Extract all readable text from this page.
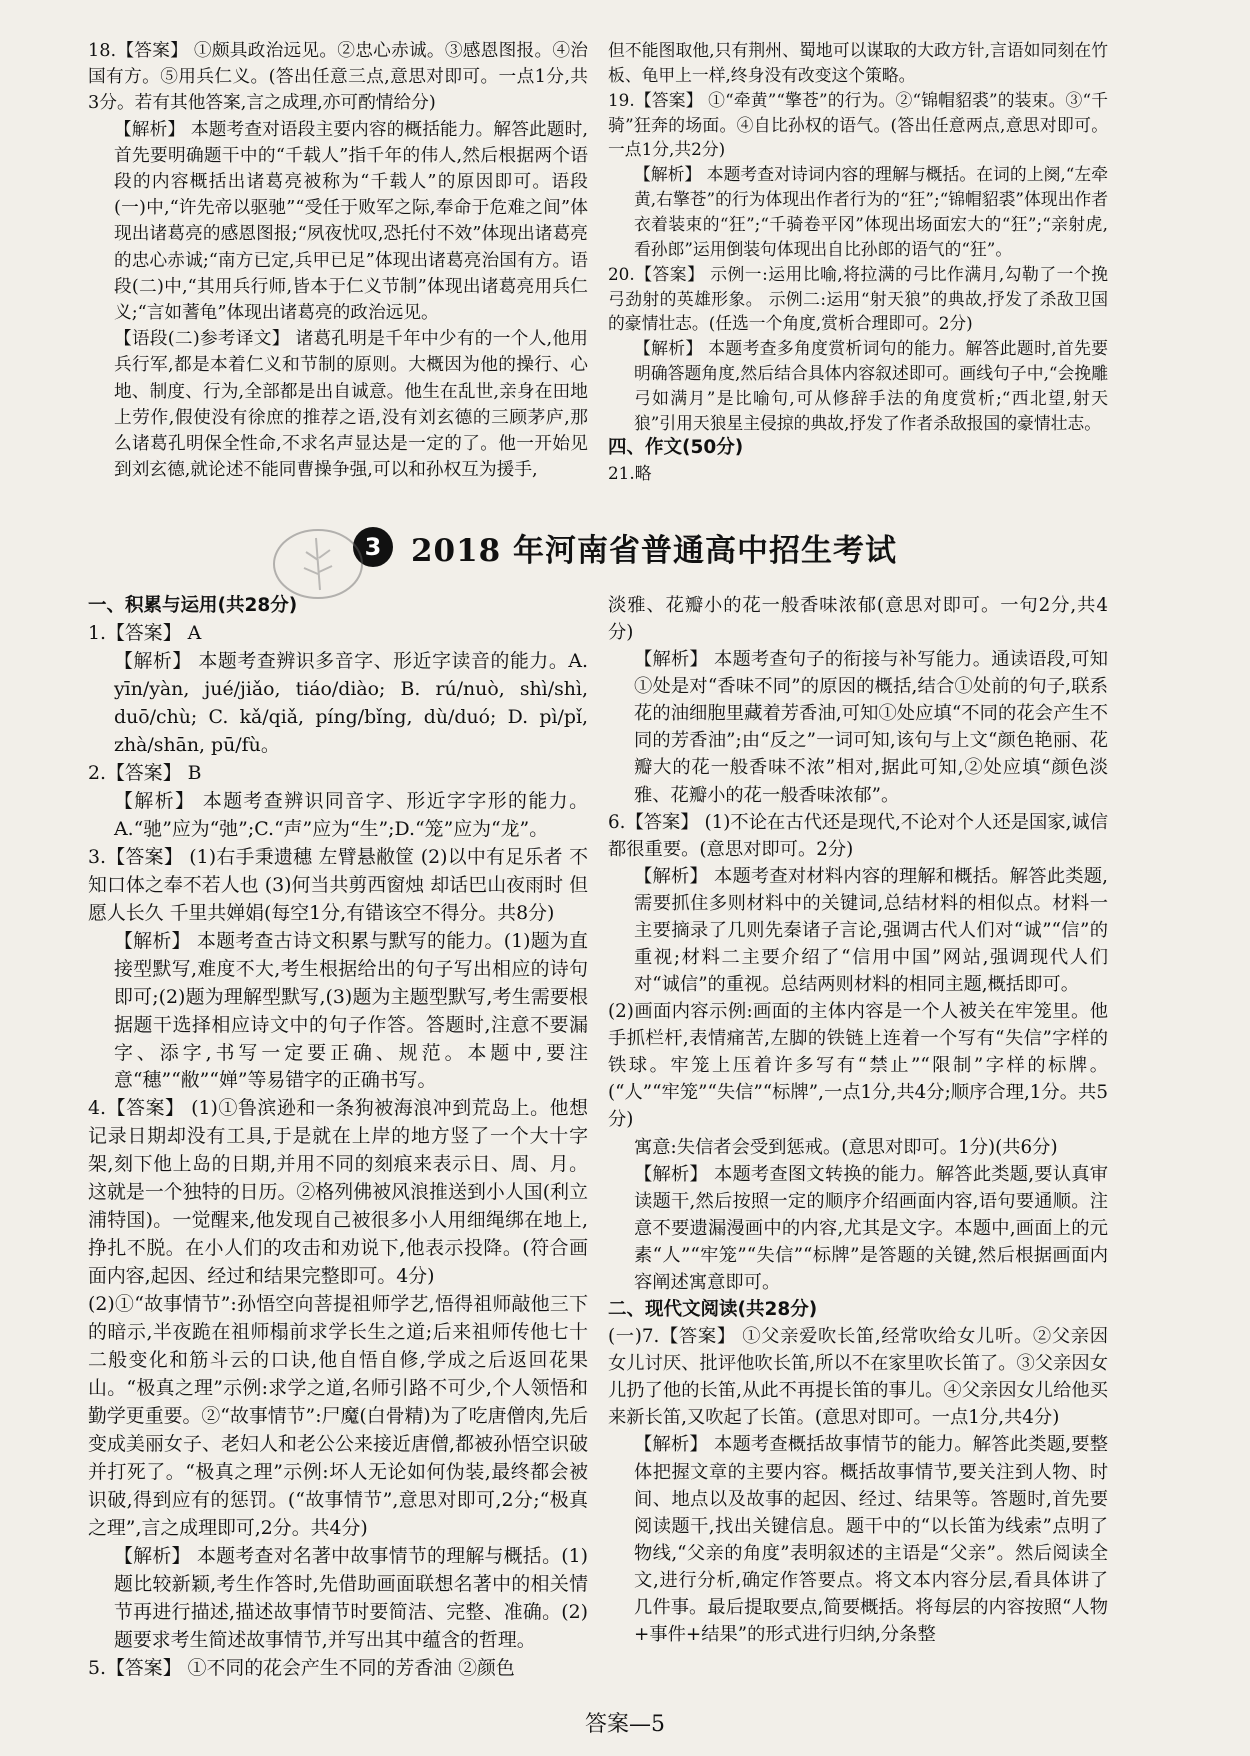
18.【答案】 ①颇具政治远见。②忠心赤诚。③感恩图报。④治国有方。⑤用兵仁义。(答出任意三点,意思对即可。一点1分,共3分。若有其他答案,言之成理,亦可酌情给分)

【解析】 本题考查对语段主要内容的概括能力。解答此题时,首先要明确题干中的“千载人”指千年的伟人,然后根据两个语段的内容概括出诸葛亮被称为“千载人”的原因即可。语段(一)中,“许先帝以驱驰”“受任于败军之际,奉命于危难之间”体现出诸葛亮的感恩图报;“夙夜忧叹,恐托付不效”体现出诸葛亮的忠心赤诚;“南方已定,兵甲已足”体现出诸葛亮治国有方。语段(二)中,“其用兵行师,皆本于仁义节制”体现出诸葛亮用兵仁义;“言如蓍龟”体现出诸葛亮的政治远见。

【语段(二)参考译文】 诸葛孔明是千年中少有的一个人,他用兵行军,都是本着仁义和节制的原则。大概因为他的操行、心地、制度、行为,全部都是出自诚意。他生在乱世,亲身在田地上劳作,假使没有徐庶的推荐之语,没有刘玄德的三顾茅庐,那么诸葛孔明保全性命,不求名声显达是一定的了。他一开始见到刘玄德,就论述不能同曹操争强,可以和孙权互为援手,

但不能图取他,只有荆州、蜀地可以谋取的大政方针,言语如同刻在竹板、龟甲上一样,终身没有改变这个策略。

19.【答案】 ①“牵黄”“擎苍”的行为。②“锦帽貂裘”的装束。③“千骑”狂奔的场面。④自比孙权的语气。(答出任意两点,意思对即可。一点1分,共2分)

【解析】 本题考查对诗词内容的理解与概括。在词的上阕,“左牵黄,右擎苍”的行为体现出作者行为的“狂”;“锦帽貂裘”体现出作者衣着装束的“狂”;“千骑卷平冈”体现出场面宏大的“狂”;“亲射虎,看孙郎”运用倒装句体现出自比孙郎的语气的“狂”。

20.【答案】 示例一:运用比喻,将拉满的弓比作满月,勾勒了一个挽弓劲射的英雄形象。 示例二:运用“射天狼”的典故,抒发了杀敌卫国的豪情壮志。(任选一个角度,赏析合理即可。2分)

【解析】 本题考查多角度赏析词句的能力。解答此题时,首先要明确答题角度,然后结合具体内容叙述即可。画线句子中,“会挽雕弓如满月”是比喻句,可从修辞手法的角度赏析;“西北望,射天狼”引用天狼星主侵掠的典故,抒发了作者杀敌报国的豪情壮志。

四、作文(50分)

21.略

3 2018 年河南省普通高中招生考试

一、积累与运用(共28分)

1.【答案】 A

【解析】 本题考查辨识多音字、形近字读音的能力。A. yīn/yàn, jué/jiǎo, tiáo/diào; B. rú/nuò, shì/shì, duō/chù; C. kǎ/qiǎ, píng/bǐng, dù/duó; D. pì/pǐ, zhà/shān, pū/fù。

2.【答案】 B

【解析】 本题考查辨识同音字、形近字字形的能力。A.“驰”应为“弛”;C.“声”应为“生”;D.“笼”应为“龙”。

3.【答案】 (1)右手秉遗穗 左臂悬敝筐 (2)以中有足乐者 不知口体之奉不若人也 (3)何当共剪西窗烛 却话巴山夜雨时 但愿人长久 千里共婵娟(每空1分,有错该空不得分。共8分)

【解析】 本题考查古诗文积累与默写的能力。(1)题为直接型默写,难度不大,考生根据给出的句子写出相应的诗句即可;(2)题为理解型默写,(3)题为主题型默写,考生需要根据题干选择相应诗文中的句子作答。答题时,注意不要漏字、添字,书写一定要正确、规范。本题中,要注意“穗”“敝”“婵”等易错字的正确书写。

4.【答案】 (1)①鲁滨逊和一条狗被海浪冲到荒岛上。他想记录日期却没有工具,于是就在上岸的地方竖了一个大十字架,刻下他上岛的日期,并用不同的刻痕来表示日、周、月。这就是一个独特的日历。②格列佛被风浪推送到小人国(利立浦特国)。一觉醒来,他发现自己被很多小人用细绳绑在地上,挣扎不脱。在小人们的攻击和劝说下,他表示投降。(符合画面内容,起因、经过和结果完整即可。4分)

(2)①“故事情节”:孙悟空向菩提祖师学艺,悟得祖师敲他三下的暗示,半夜跪在祖师榻前求学长生之道;后来祖师传他七十二般变化和筋斗云的口诀,他自悟自修,学成之后返回花果山。“极真之理”示例:求学之道,名师引路不可少,个人领悟和勤学更重要。②“故事情节”:尸魔(白骨精)为了吃唐僧肉,先后变成美丽女子、老妇人和老公公来接近唐僧,都被孙悟空识破并打死了。“极真之理”示例:坏人无论如何伪装,最终都会被识破,得到应有的惩罚。(“故事情节”,意思对即可,2分;“极真之理”,言之成理即可,2分。共4分)

【解析】 本题考查对名著中故事情节的理解与概括。(1)题比较新颖,考生作答时,先借助画面联想名著中的相关情节再进行描述,描述故事情节时要简洁、完整、准确。(2)题要求考生简述故事情节,并写出其中蕴含的哲理。

5.【答案】 ①不同的花会产生不同的芳香油 ②颜色

淡雅、花瓣小的花一般香味浓郁(意思对即可。一句2分,共4分)

【解析】 本题考查句子的衔接与补写能力。通读语段,可知①处是对“香味不同”的原因的概括,结合①处前的句子,联系花的油细胞里藏着芳香油,可知①处应填“不同的花会产生不同的芳香油”;由“反之”一词可知,该句与上文“颜色艳丽、花瓣大的花一般香味不浓”相对,据此可知,②处应填“颜色淡雅、花瓣小的花一般香味浓郁”。

6.【答案】 (1)不论在古代还是现代,不论对个人还是国家,诚信都很重要。(意思对即可。2分)

【解析】 本题考查对材料内容的理解和概括。解答此类题,需要抓住多则材料中的关键词,总结材料的相似点。材料一主要摘录了几则先秦诸子言论,强调古代人们对“诚”“信”的重视;材料二主要介绍了“信用中国”网站,强调现代人们对“诚信”的重视。总结两则材料的相同主题,概括即可。

(2)画面内容示例:画面的主体内容是一个人被关在牢笼里。他手抓栏杆,表情痛苦,左脚的铁链上连着一个写有“失信”字样的铁球。牢笼上压着许多写有“禁止”“限制”字样的标牌。(“人”“牢笼”“失信”“标牌”,一点1分,共4分;顺序合理,1分。共5分)

寓意:失信者会受到惩戒。(意思对即可。1分)(共6分)

【解析】 本题考查图文转换的能力。解答此类题,要认真审读题干,然后按照一定的顺序介绍画面内容,语句要通顺。注意不要遗漏漫画中的内容,尤其是文字。本题中,画面上的元素“人”“牢笼”“失信”“标牌”是答题的关键,然后根据画面内容阐述寓意即可。

二、现代文阅读(共28分)

(一)7.【答案】 ①父亲爱吹长笛,经常吹给女儿听。②父亲因女儿讨厌、批评他吹长笛,所以不在家里吹长笛了。③父亲因女儿扔了他的长笛,从此不再提长笛的事儿。④父亲因女儿给他买来新长笛,又吹起了长笛。(意思对即可。一点1分,共4分)

【解析】 本题考查概括故事情节的能力。解答此类题,要整体把握文章的主要内容。概括故事情节,要关注到人物、时间、地点以及故事的起因、经过、结果等。答题时,首先要阅读题干,找出关键信息。题干中的“以长笛为线索”点明了物线,“父亲的角度”表明叙述的主语是“父亲”。然后阅读全文,进行分析,确定作答要点。将文本内容分层,看具体讲了几件事。最后提取要点,简要概括。将每层的内容按照“人物+事件+结果”的形式进行归纳,分条整

答案—5
